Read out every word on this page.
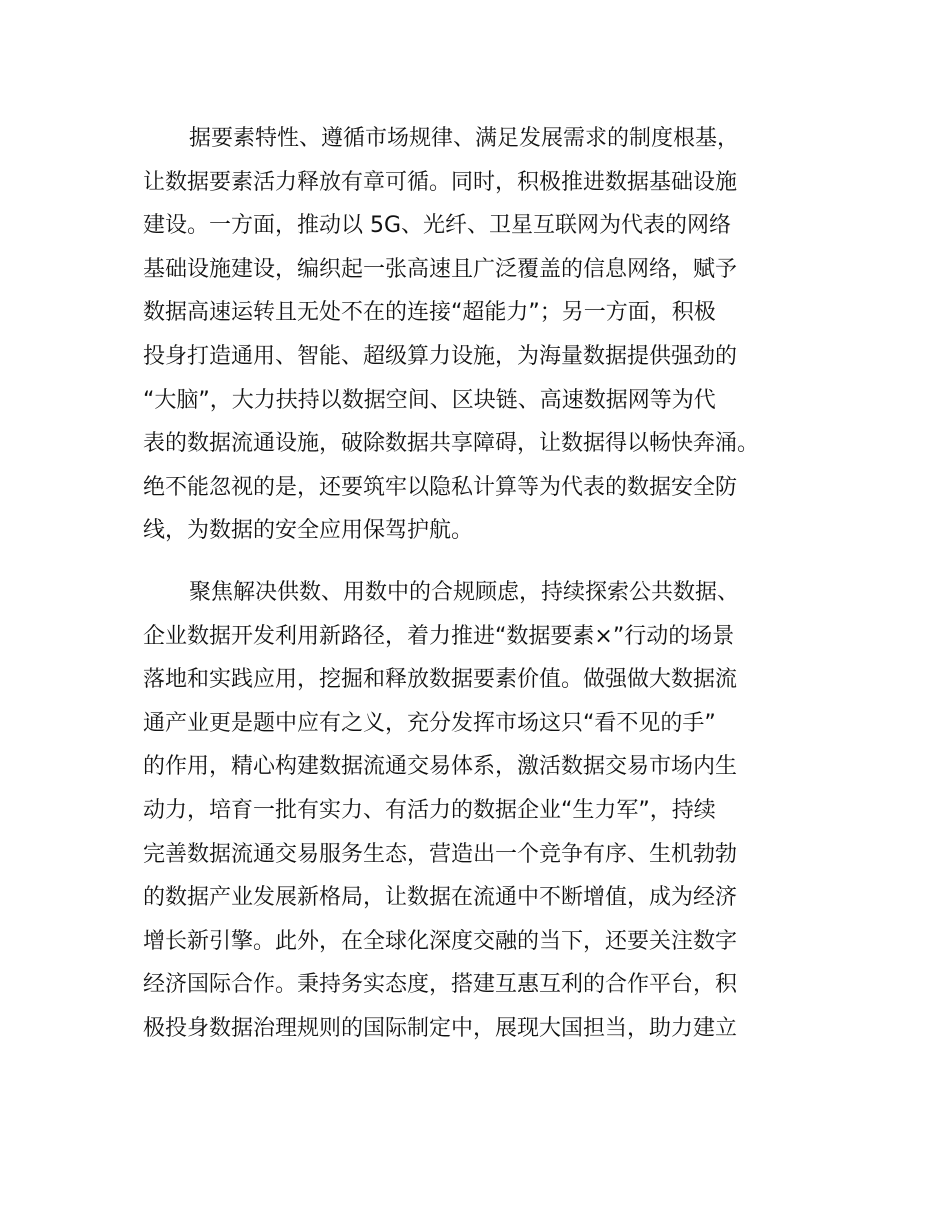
据要素特性、遵循市场规律、满足发展需求的制度根基，
让数据要素活力释放有章可循。同时，积极推进数据基础设施
建设。一方面，推动以 5G、光纤、卫星互联网为代表的网络
基础设施建设，编织起一张高速且广泛覆盖的信息网络，赋予
数据高速运转且无处不在的连接“超能力”；另一方面，积极
投身打造通用、智能、超级算力设施，为海量数据提供强劲的
“大脑”，大力扶持以数据空间、区块链、高速数据网等为代
表的数据流通设施，破除数据共享障碍，让数据得以畅快奔涌。
绝不能忽视的是，还要筑牢以隐私计算等为代表的数据安全防
线，为数据的安全应用保驾护航。
聚焦解决供数、用数中的合规顾虑，持续探索公共数据、
企业数据开发利用新路径，着力推进“数据要素×”行动的场景
落地和实践应用，挖掘和释放数据要素价值。做强做大数据流
通产业更是题中应有之义，充分发挥市场这只“看不见的手”
的作用，精心构建数据流通交易体系，激活数据交易市场内生
动力，培育一批有实力、有活力的数据企业“生力军”，持续
完善数据流通交易服务生态，营造出一个竞争有序、生机勃勃
的数据产业发展新格局，让数据在流通中不断增值，成为经济
增长新引擎。此外，在全球化深度交融的当下，还要关注数字
经济国际合作。秉持务实态度，搭建互惠互利的合作平台，积
极投身数据治理规则的国际制定中，展现大国担当，助力建立
